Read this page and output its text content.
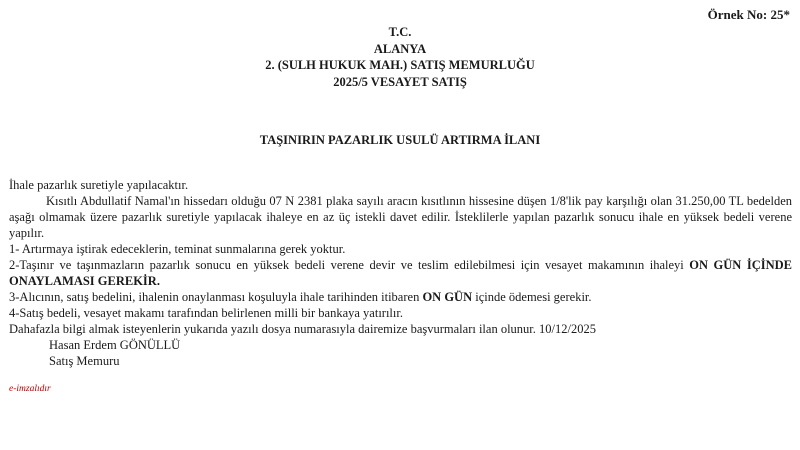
Örnek No: 25*
T.C.
ALANYA
2. (SULH HUKUK MAH.) SATIŞ MEMURLUĞU
2025/5 VESAYET SATIŞ
TAŞINIRIN PAZARLIK USULÜ ARTIRMA İLANI

İhale pazarlık suretiyle yapılacaktır.

Kısıtlı Abdullatif Namal'ın hissedarı olduğu 07 N 2381 plaka sayılı aracın kısıtlının hissesine düşen 1/8'lik pay karşılığı olan 31.250,00 TL bedelden aşağı olmamak üzere pazarlık suretiyle yapılacak ihaleye en az üç istekli davet edilir. İsteklilerle yapılan pazarlık sonucu ihale en yüksek bedeli verene yapılır.

1- Artırmaya iştirak edeceklerin, teminat sunmalarına gerek yoktur.

2-Taşınır ve taşınmazların pazarlık sonucu en yüksek bedeli verene devir ve teslim edilebilmesi için vesayet makamının ihaleyi ON GÜN İÇİNDE ONAYLAMASI GEREKİR.

3-Alıcının, satış bedelini, ihalenin onaylanması koşuluyla ihale tarihinden itibaren ON GÜN içinde ödemesi gerekir.

4-Satış bedeli, vesayet makamı tarafından belirlenen milli bir bankaya yatırılır.

Dahafazla bilgi almak isteyenlerin yukarıda yazılı dosya numarasıyla dairemize başvurmaları ilan olunur. 10/12/2025

Hasan Erdem GÖNÜLLÜ

Satış Memuru

e-imzalıdır
